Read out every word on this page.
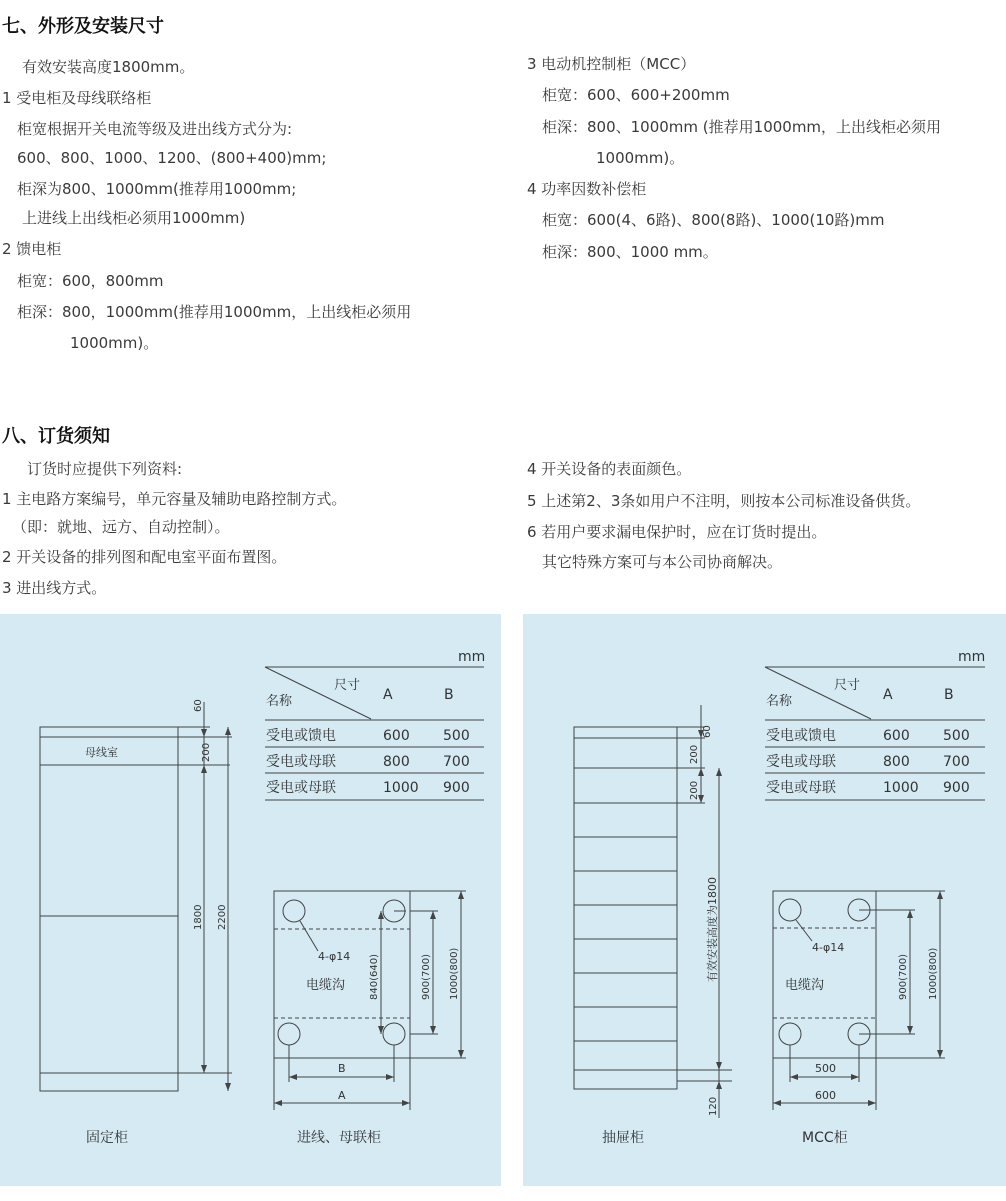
七、外形及安装尺寸
有效安装高度1800mm。
1 受电柜及母线联络柜
柜宽根据开关电流等级及进出线方式分为:
600、800、1000、1200、(800+400)mm;
柜深为800、1000mm(推荐用1000mm;
上进线上出线柜必须用1000mm)
2 馈电柜
柜宽：600，800mm
柜深：800，1000mm(推荐用1000mm，上出线柜必须用
1000mm)。
3 电动机控制柜（MCC）
柜宽：600、600+200mm
柜深：800、1000mm (推荐用1000mm，上出线柜必须用
1000mm)。
4 功率因数补偿柜
柜宽：600(4、6路)、800(8路)、1000(10路)mm
柜深：800、1000 mm。
八、订货须知
订货时应提供下列资料:
1 主电路方案编号，单元容量及辅助电路控制方式。
（即：就地、远方、自动控制）。
2 开关设备的排列图和配电室平面布置图。
3 进出线方式。
4 开关设备的表面颜色。
5 上述第2、3条如用户不注明，则按本公司标准设备供货。
6 若用户要求漏电保护时，应在订货时提出。
其它特殊方案可与本公司协商解决。
mm
尺寸
名称	A	B
受电或馈电	600 500
受电或母联	800 700
受电或母联	1000 900
母线室
60
200
1800 2200
固定柜
4-φ14
电缆沟 840(640)	900(700) 1000(800)
B
A
进线、母联柜
mm
尺寸
名称	A	B
受电或馈电	600 500
受电或母联	800 700
受电或母联	1000 900
60
200
200
有效安装高度为1800
120
抽屉柜
4-φ14
电缆沟	900(700) 1000(800)
500
600
MCC柜
